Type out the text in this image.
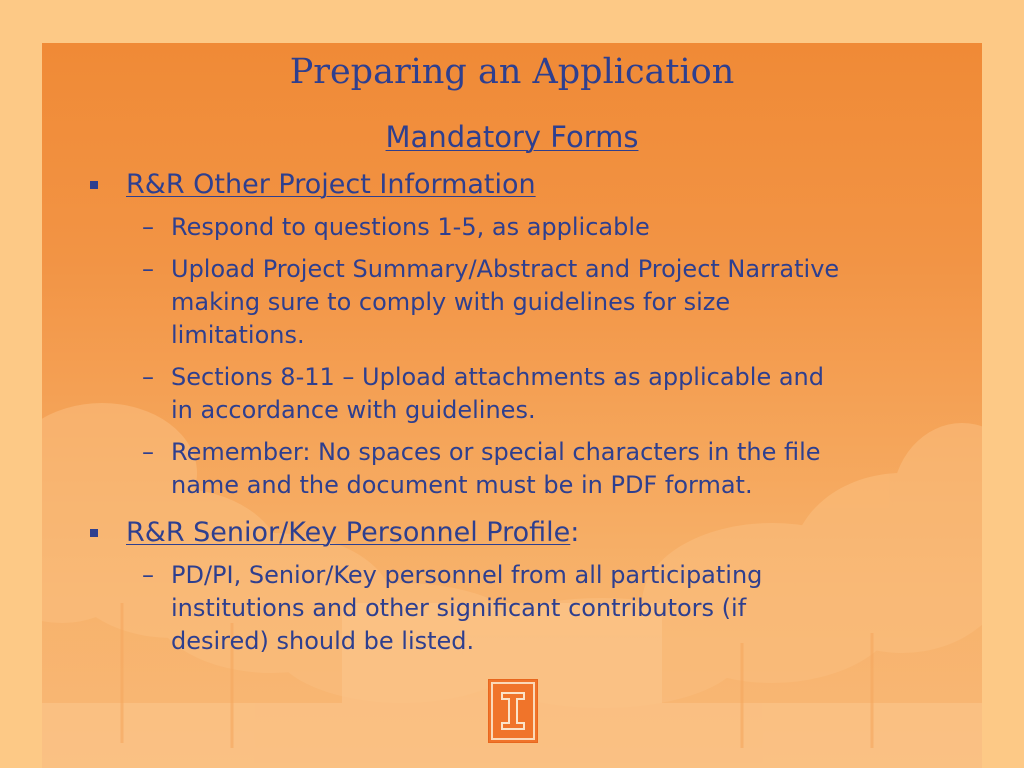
Preparing an Application
Mandatory Forms
R&R Other Project Information
– Respond to questions 1-5, as applicable
– Upload Project Summary/Abstract and Project Narrative making sure to comply with guidelines for size limitations.
– Sections 8-11 – Upload attachments as applicable and in accordance with guidelines.
– Remember: No spaces or special characters in the file name and the document must be in PDF format.
R&R Senior/Key Personnel Profile:
– PD/PI, Senior/Key personnel from all participating institutions and other significant contributors (if desired) should be listed.
